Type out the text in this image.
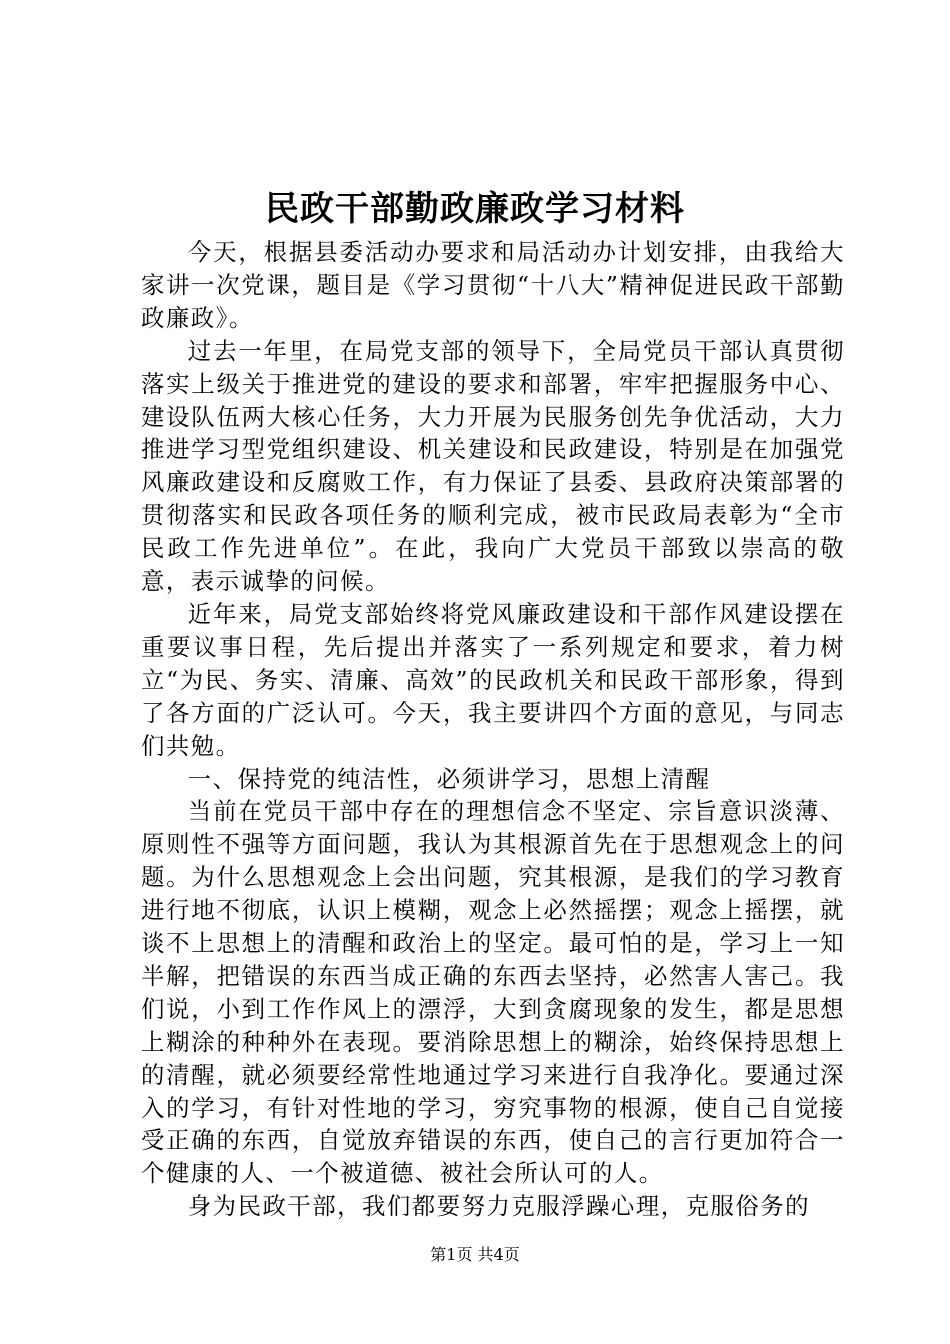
民政干部勤政廉政学习材料

今天，根据县委活动办要求和局活动办计划安排，由我给大家讲一次党课，题目是《学习贯彻“十八大”精神促进民政干部勤政廉政》。

过去一年里，在局党支部的领导下，全局党员干部认真贯彻落实上级关于推进党的建设的要求和部署，牢牢把握服务中心、建设队伍两大核心任务，大力开展为民服务创先争优活动，大力推进学习型党组织建设、机关建设和民政建设，特别是在加强党风廉政建设和反腐败工作，有力保证了县委、县政府决策部署的贯彻落实和民政各项任务的顺利完成，被市民政局表彰为“全市民政工作先进单位”。在此，我向广大党员干部致以崇高的敬意，表示诚挚的问候。

近年来，局党支部始终将党风廉政建设和干部作风建设摆在重要议事日程，先后提出并落实了一系列规定和要求，着力树立“为民、务实、清廉、高效”的民政机关和民政干部形象，得到了各方面的广泛认可。今天，我主要讲四个方面的意见，与同志们共勉。

一、保持党的纯洁性，必须讲学习，思想上清醒

当前在党员干部中存在的理想信念不坚定、宗旨意识淡薄、原则性不强等方面问题，我认为其根源首先在于思想观念上的问题。为什么思想观念上会出问题，究其根源，是我们的学习教育进行地不彻底，认识上模糊，观念上必然摇摆；观念上摇摆，就谈不上思想上的清醒和政治上的坚定。最可怕的是，学习上一知半解，把错误的东西当成正确的东西去坚持，必然害人害己。我们说，小到工作作风上的漂浮，大到贪腐现象的发生，都是思想上糊涂的种种外在表现。要消除思想上的糊涂，始终保持思想上的清醒，就必须要经常性地通过学习来进行自我净化。要通过深入的学习，有针对性地的学习，穷究事物的根源，使自己自觉接受正确的东西，自觉放弃错误的东西，使自己的言行更加符合一个健康的人、一个被道德、被社会所认可的人。

身为民政干部，我们都要努力克服浮躁心理，克服俗务的

第1页 共4页
